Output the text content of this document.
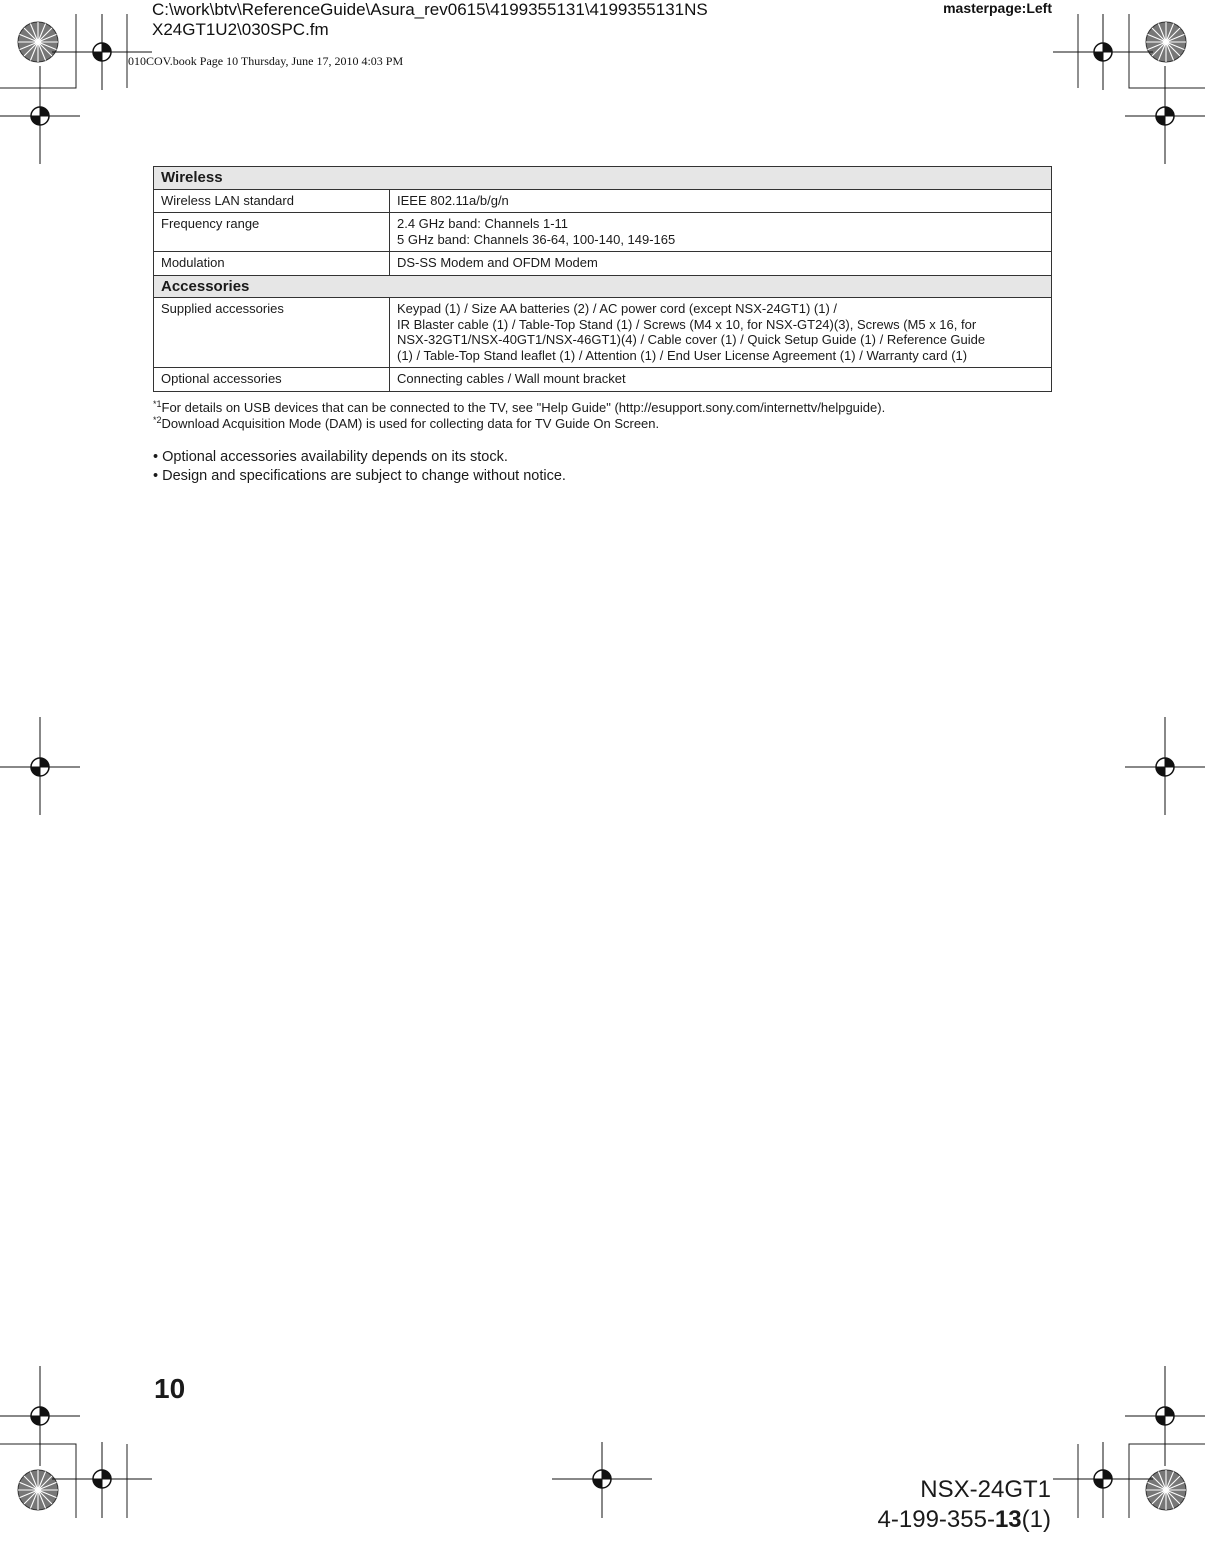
C:\work\btv\ReferenceGuide\Asura_rev0615\4199355131\4199355131NS
X24GT1U2\030SPC.fm
masterpage:Left
010COV.book Page 10 Thursday, June 17, 2010 4:03 PM
Wireless	
Wireless LAN standard	IEEE 802.11a/b/g/n
Frequency range	2.4 GHz band: Channels 1-11
5 GHz band: Channels 36-64, 100-140, 149-165

Modulation	DS-SS Modem and OFDM Modem
Accessories	
Supplied accessories	Keypad (1) / Size AA batteries (2) / AC power cord (except NSX-24GT1) (1) /
IR Blaster cable (1) / Table-Top Stand (1) / Screws (M4 x 10, for NSX-GT24)(3), Screws (M5 x 16, for
NSX-32GT1/NSX-40GT1/NSX-46GT1)(4) / Cable cover (1) / Quick Setup Guide (1) / Reference Guide
(1) / Table-Top Stand leaflet (1) / Attention (1) / End User License Agreement (1) / Warranty card (1)

Optional accessories	Connecting cables / Wall mount bracket
$^{*1}$For details on USB devices that can be connected to the TV, see "Help Guide" (http://esupport.sony.com/internettv/helpguide).
$^{*2}$Download Acquisition Mode (DAM) is used for collecting data for TV Guide On Screen.
• Optional accessories availability depends on its stock.
• Design and specifications are subject to change without notice.
10
NSX-24GT1
4-199-355-13(1)
